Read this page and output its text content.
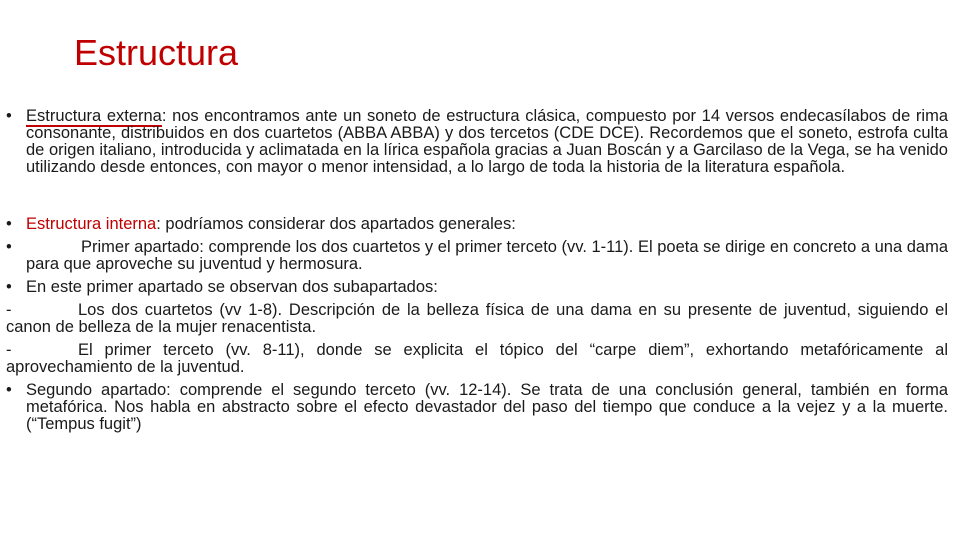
Estructura

• Estructura externa: nos encontramos ante un soneto de estructura clásica, compuesto por 14 versos endecasílabos de rima consonante, distribuidos en dos cuartetos (ABBA ABBA) y dos tercetos (CDE DCE). Recordemos que el soneto, estrofa culta de origen italiano, introducida y aclimatada en la lírica española gracias a Juan Boscán y a Garcilaso de la Vega, se ha venido utilizando desde entonces, con mayor o menor intensidad, a lo largo de toda la historia de la literatura española.

• Estructura interna: podríamos considerar dos apartados generales:

• Primer apartado: comprende los dos cuartetos y el primer terceto (vv. 1-11). El poeta se dirige en concreto a una dama para que aproveche su juventud y hermosura.

• En este primer apartado se observan dos subapartados:

-	Los dos cuartetos (vv 1-8). Descripción de la belleza física de una dama en su presente de juventud, siguiendo el canon de belleza de la mujer renacentista.

-	El primer terceto (vv. 8-11), donde se explicita el tópico del “carpe diem”, exhortando metafóricamente al aprovechamiento de la juventud.

• Segundo apartado: comprende el segundo terceto (vv. 12-14). Se trata de una conclusión general, también en forma metafórica. Nos habla en abstracto sobre el efecto devastador del paso del tiempo que conduce a la vejez y a la muerte. (“Tempus fugit”)
